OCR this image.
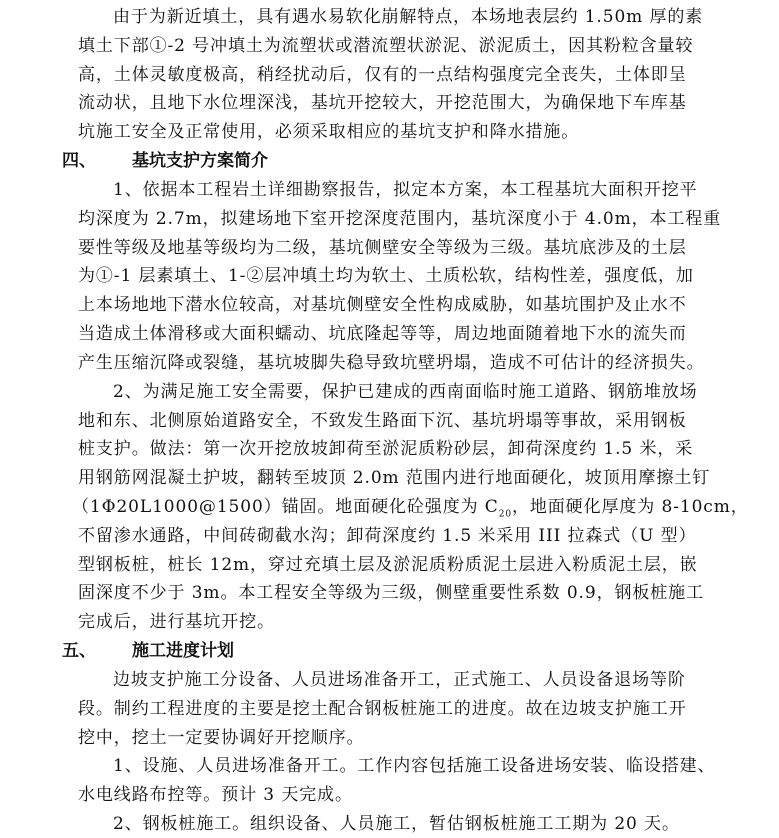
由于为新近填土，具有遇水易软化崩解特点，本场地表层约 1.50m 厚的素
填土下部①-2 号冲填土为流塑状或潜流塑状淤泥、淤泥质土，因其粉粒含量较
高，土体灵敏度极高，稍经扰动后，仅有的一点结构强度完全丧失，土体即呈
流动状，且地下水位埋深浅，基坑开挖较大，开挖范围大，为确保地下车库基
坑施工安全及正常使用，必须采取相应的基坑支护和降水措施。
四、 基坑支护方案简介
1、依据本工程岩土详细勘察报告，拟定本方案，本工程基坑大面积开挖平
均深度为 2.7m，拟建场地下室开挖深度范围内，基坑深度小于 4.0m，本工程重
要性等级及地基等级均为二级，基坑侧壁安全等级为三级。基坑底涉及的土层
为①-1 层素填土、1-②层冲填土均为软土、土质松软，结构性差，强度低，加
上本场地地下潜水位较高，对基坑侧壁安全性构成威胁，如基坑围护及止水不
当造成土体滑移或大面积蠕动、坑底隆起等等，周边地面随着地下水的流失而
产生压缩沉降或裂缝，基坑坡脚失稳导致坑壁坍塌，造成不可估计的经济损失。
2、为满足施工安全需要，保护已建成的西南面临时施工道路、钢筋堆放场
地和东、北侧原始道路安全，不致发生路面下沉、基坑坍塌等事故，采用钢板
桩支护。做法：第一次开挖放坡卸荷至淤泥质粉砂层，卸荷深度约 1.5 米，采
用钢筋网混凝土护坡，翻转至坡顶 2.0m 范围内进行地面硬化，坡顶用摩擦土钉
（1Φ20L1000@1500）锚固。地面硬化砼强度为 $C_{20}$，地面硬化厚度为 8-10cm，
不留渗水通路，中间砖砌截水沟；卸荷深度约 1.5 米采用 III 拉森式（U 型）
型钢板桩，桩长 12m，穿过充填土层及淤泥质粉质泥土层进入粉质泥土层，嵌
固深度不少于 3m。本工程安全等级为三级，侧壁重要性系数 0.9，钢板桩施工
完成后，进行基坑开挖。
五、 施工进度计划
边坡支护施工分设备、人员进场准备开工，正式施工、人员设备退场等阶
段。制约工程进度的主要是挖土配合钢板桩施工的进度。故在边坡支护施工开
挖中，挖土一定要协调好开挖顺序。
1、设施、人员进场准备开工。工作内容包括施工设备进场安装、临设搭建、
水电线路布控等。预计 3 天完成。
2、钢板桩施工。组织设备、人员施工，暂估钢板桩施工工期为 20 天。
